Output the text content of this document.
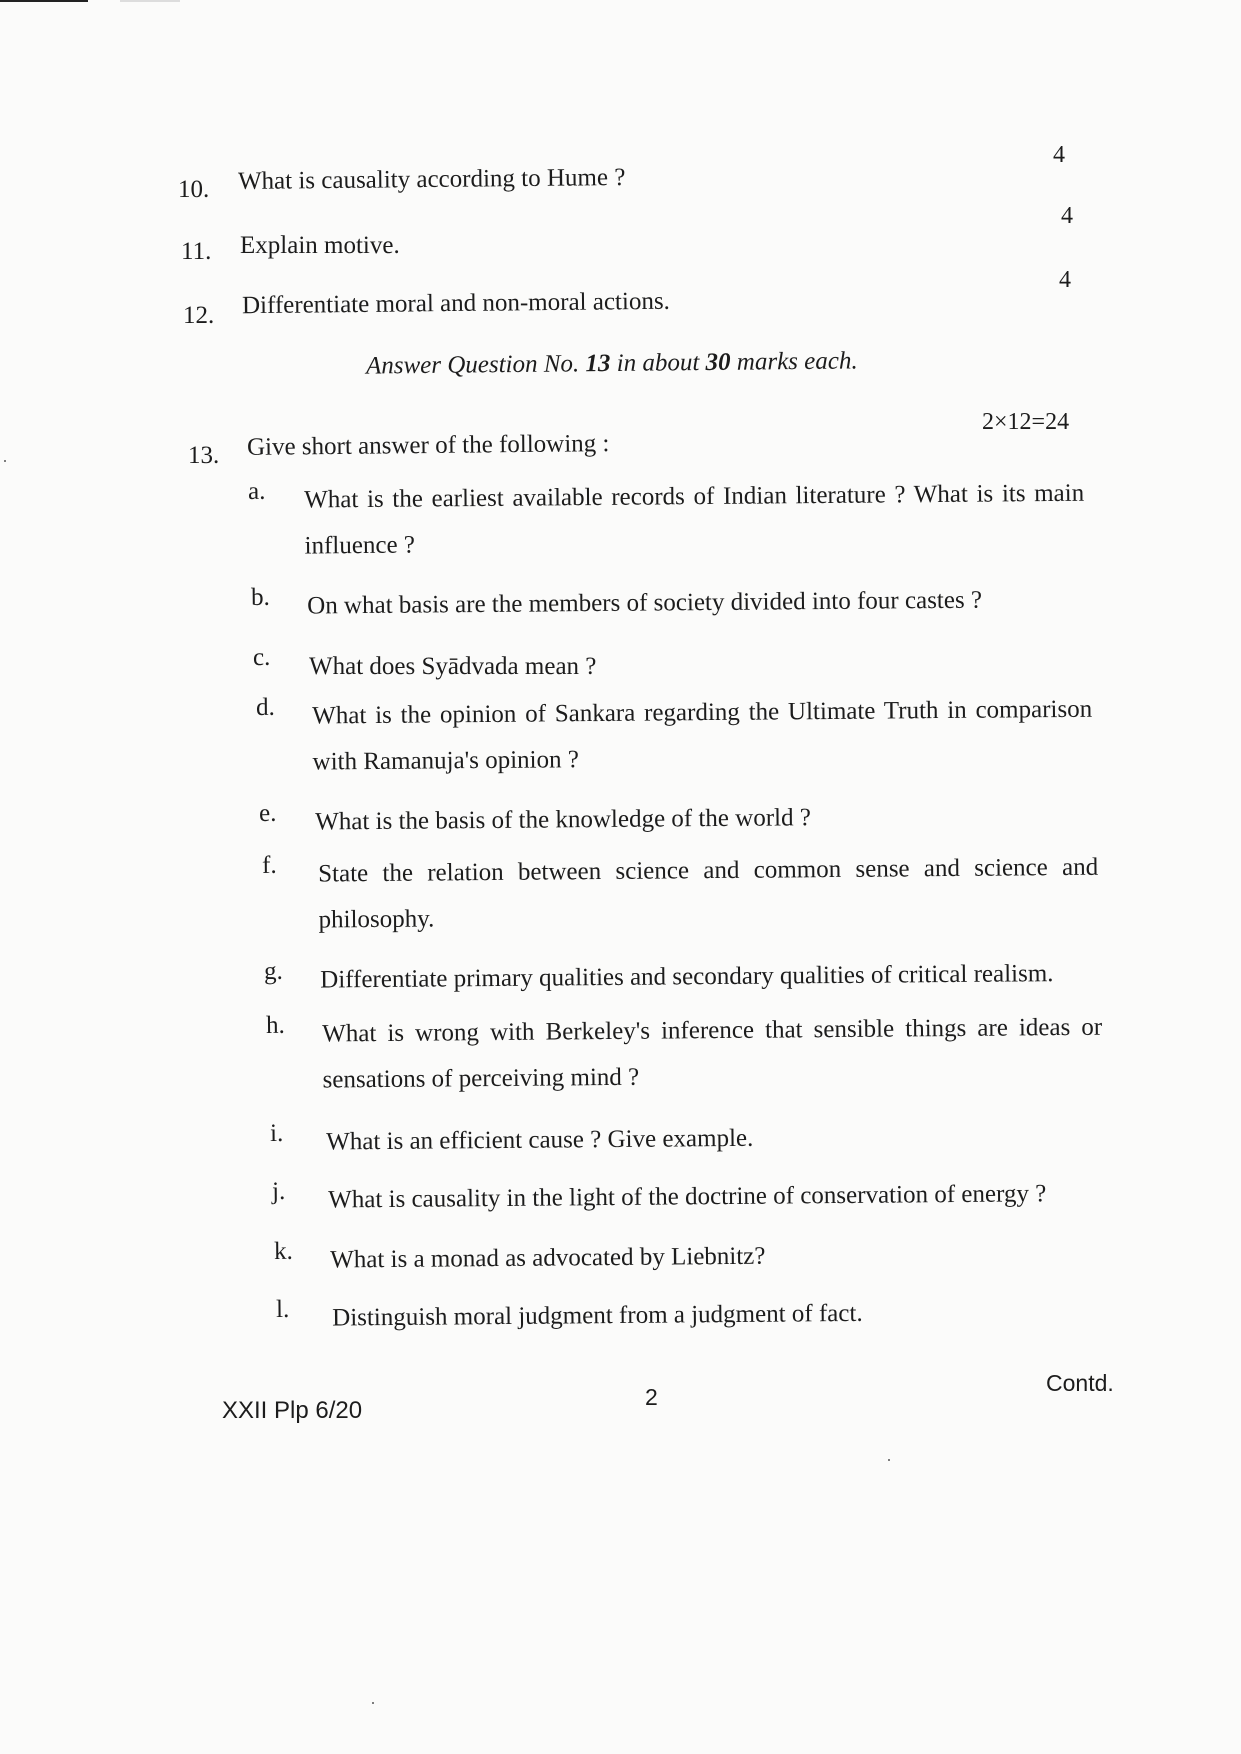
4
10. What is causality according to Hume ?
4
11. Explain motive.
4
12. Differentiate moral and non-moral actions.
Answer Question No. 13 in about 30 marks each.
2×12=24
13. Give short answer of the following :
a.	What is the earliest available records of Indian literature ? What is its main influence ?
b.	On what basis are the members of society divided into four castes ?
c.	What does Syādvada mean ?
d.	What is the opinion of Sankara regarding the Ultimate Truth in comparison with Ramanuja's opinion ?
e.	What is the basis of the knowledge of the world ?
f.	State the relation between science and common sense and science and philosophy.
g.	Differentiate primary qualities and secondary qualities of critical realism.
h.	What is wrong with Berkeley's inference that sensible things are ideas or sensations of perceiving mind ?
i.	What is an efficient cause ? Give example.
j.	What is causality in the light of the doctrine of conservation of energy ?
k.	What is a monad as advocated by Liebnitz?
l.	Distinguish moral judgment from a judgment of fact.
XXII Plp 6/20	2
Contd.
